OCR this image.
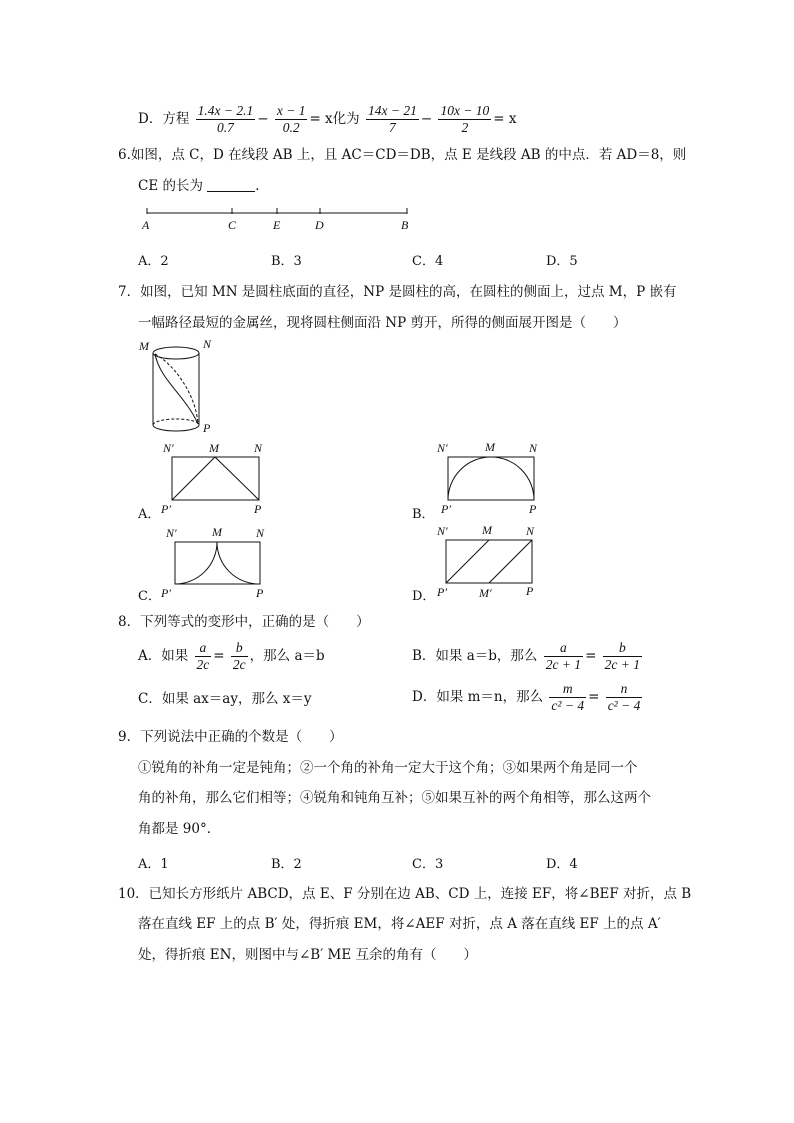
D．方程 $\frac{1.4x - 2.1}{0.7} - \frac{x - 1}{0.2} = x$化为 $\frac{14x - 21}{7} - \frac{10x - 10}{2} = x$
6.如图，点 C，D 在线段 AB 上，且 AC＝CD＝DB，点 E 是线段 AB 的中点．若 AD＝8，则
CE 的长为	．
A	C	E	D	B
A．2	B．3	C．4	D．5
7．如图，已知 MN 是圆柱底面的直径，NP 是圆柱的高，在圆柱的侧面上，过点 M，P 嵌有
一幅路径最短的金属丝，现将圆柱侧面沿 NP 剪开，所得的侧面展开图是（　　）
M	N
P
A．
N′	M	N
P′	P	B．
N′	M	N
P′	P
C．
N′	M	N
P′	P	D．
N′	M	N
P′	M′	P
8．下列等式的变形中，正确的是（　　）
A．如果 $\frac{a}{2c} = \frac{b}{2c}$ ，那么 a＝b	B．如果 a＝b，那么 $\frac{a}{2c + 1} = \frac{b}{2c + 1}$
C．如果 ax＝ay，那么 x＝y	D．如果 m＝n，那么 $\frac{m}{\text{c² − 4}} = \frac{n}{\text{c² − 4}}$
9．下列说法中正确的个数是（　　）
①锐角的补角一定是钝角；②一个角的补角一定大于这个角；③如果两个角是同一个
角的补角，那么它们相等；④锐角和钝角互补；⑤如果互补的两个角相等，那么这两个
角都是 90°．
A．1	B．2	C．3	D．4
10．已知长方形纸片 ABCD，点 E、F 分别在边 AB、CD 上，连接 EF，将∠BEF 对折，点 B
落在直线 EF 上的点 B′ 处，得折痕 EM，将∠AEF 对折，点 A 落在直线 EF 上的点 A′
处，得折痕 EN，则图中与∠B′ ME 互余的角有（　　）
